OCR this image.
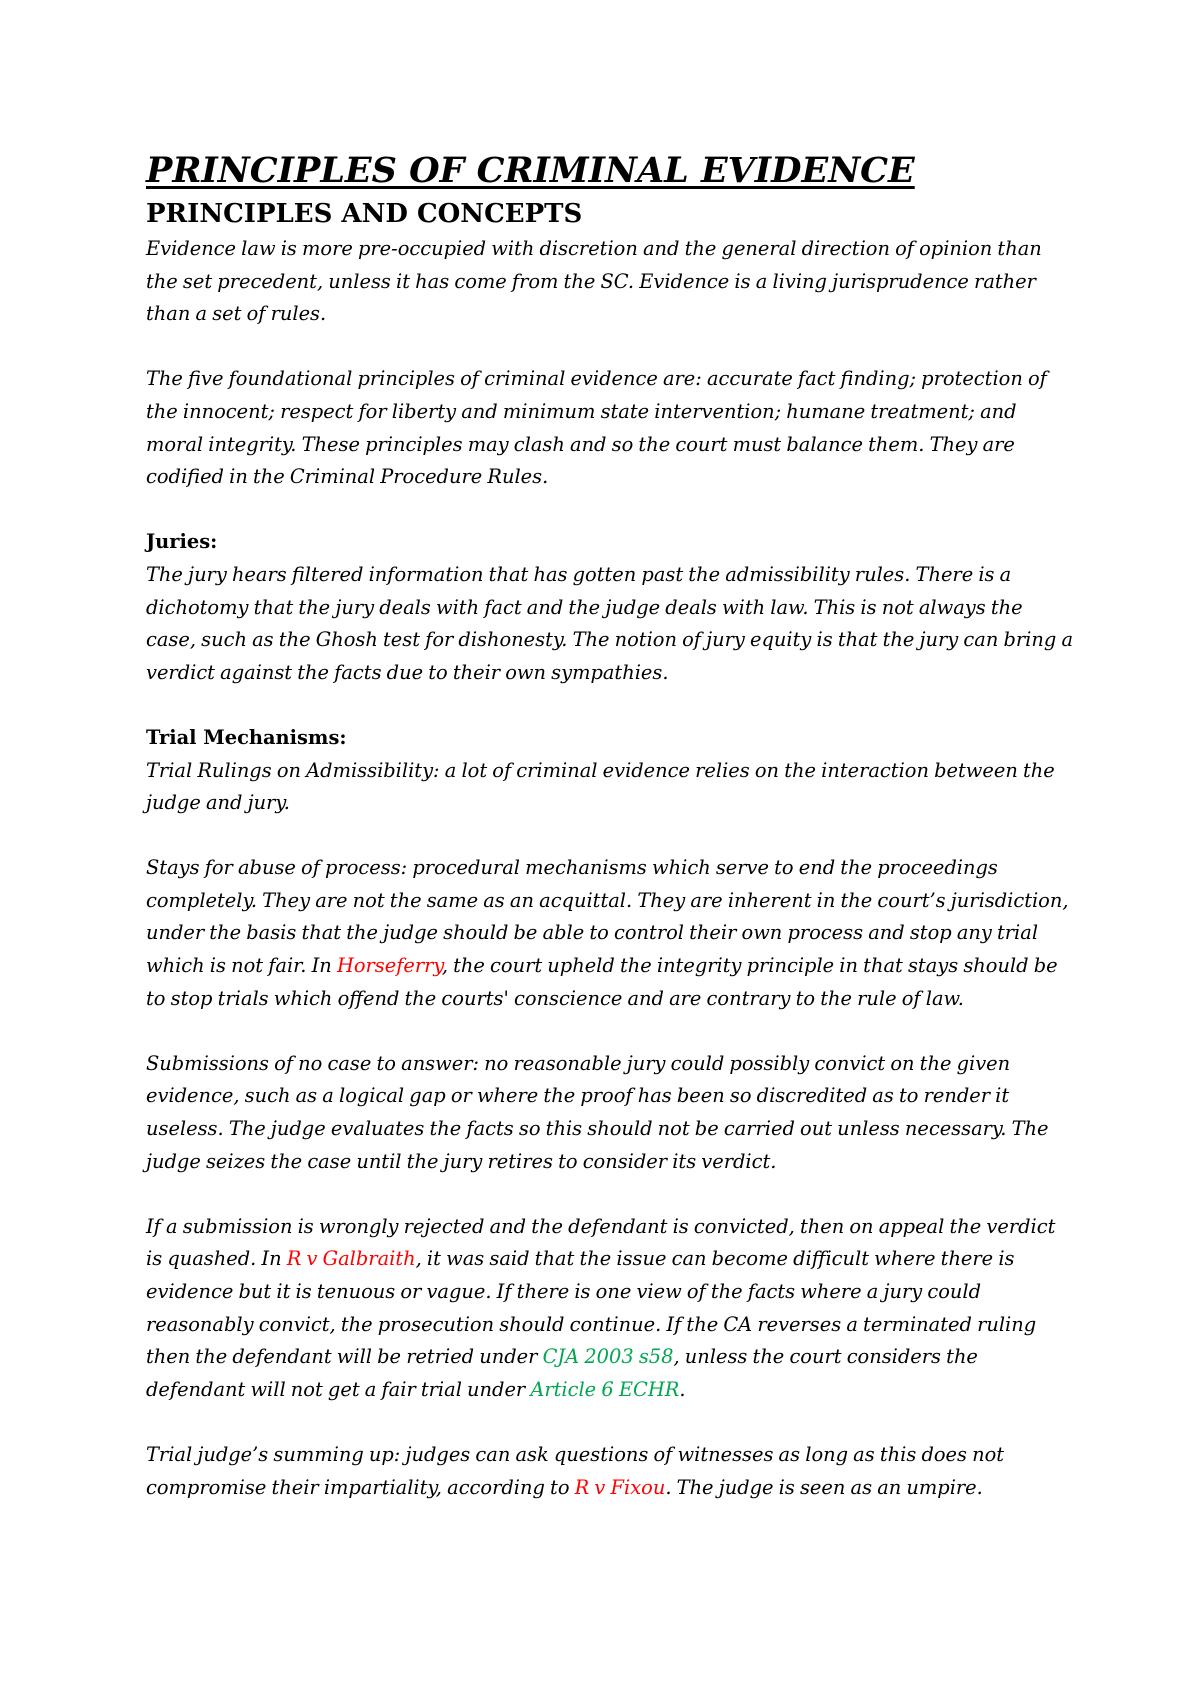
PRINCIPLES OF CRIMINAL EVIDENCE
PRINCIPLES AND CONCEPTS

Evidence law is more pre-occupied with discretion and the general direction of opinion than the set precedent, unless it has come from the SC. Evidence is a living jurisprudence rather than a set of rules.

The five foundational principles of criminal evidence are: accurate fact finding; protection of the innocent; respect for liberty and minimum state intervention; humane treatment; and moral integrity. These principles may clash and so the court must balance them. They are codified in the Criminal Procedure Rules.

Juries:

The jury hears filtered information that has gotten past the admissibility rules. There is a dichotomy that the jury deals with fact and the judge deals with law. This is not always the case, such as the Ghosh test for dishonesty. The notion of jury equity is that the jury can bring a verdict against the facts due to their own sympathies.

Trial Mechanisms:

Trial Rulings on Admissibility: a lot of criminal evidence relies on the interaction between the judge and jury.

Stays for abuse of process: procedural mechanisms which serve to end the proceedings completely. They are not the same as an acquittal. They are inherent in the court’s jurisdiction, under the basis that the judge should be able to control their own process and stop any trial which is not fair. In Horseferry, the court upheld the integrity principle in that stays should be to stop trials which offend the courts' conscience and are contrary to the rule of law.

Submissions of no case to answer: no reasonable jury could possibly convict on the given evidence, such as a logical gap or where the proof has been so discredited as to render it useless. The judge evaluates the facts so this should not be carried out unless necessary. The judge seizes the case until the jury retires to consider its verdict.

If a submission is wrongly rejected and the defendant is convicted, then on appeal the verdict is quashed. In R v Galbraith, it was said that the issue can become difficult where there is evidence but it is tenuous or vague. If there is one view of the facts where a jury could reasonably convict, the prosecution should continue. If the CA reverses a terminated ruling then the defendant will be retried under CJA 2003 s58, unless the court considers the defendant will not get a fair trial under Article 6 ECHR.

Trial judge’s summing up: judges can ask questions of witnesses as long as this does not compromise their impartiality, according to R v Fixou. The judge is seen as an umpire.
